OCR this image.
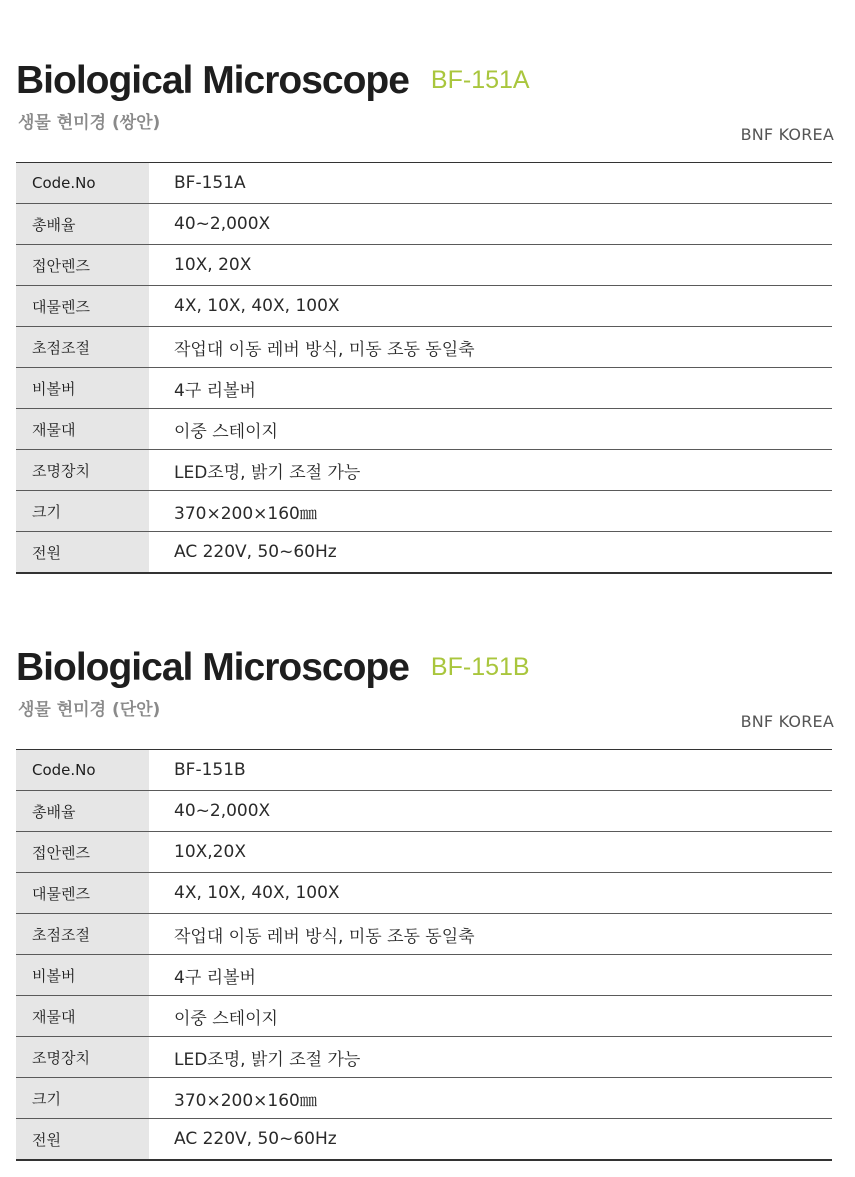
Biological Microscope BF-151A
생물 현미경 (쌍안)
BNF KOREA
Code.No	BF-151A
총배율	40~2,000X
접안렌즈	10X, 20X
대물렌즈	4X, 10X, 40X, 100X
초점조절	작업대 이동 레버 방식, 미동 조동 동일축
비볼버	4구 리볼버
재물대	이중 스테이지
조명장치	LED조명, 밝기 조절 가능
크기	370×200×160㎜
전원	AC 220V, 50~60Hz
Biological Microscope BF-151B
생물 현미경 (단안)
BNF KOREA
Code.No	BF-151B
총배율	40~2,000X
접안렌즈	10X,20X
대물렌즈	4X, 10X, 40X, 100X
초점조절	작업대 이동 레버 방식, 미동 조동 동일축
비볼버	4구 리볼버
재물대	이중 스테이지
조명장치	LED조명, 밝기 조절 가능
크기	370×200×160㎜
전원	AC 220V, 50~60Hz
